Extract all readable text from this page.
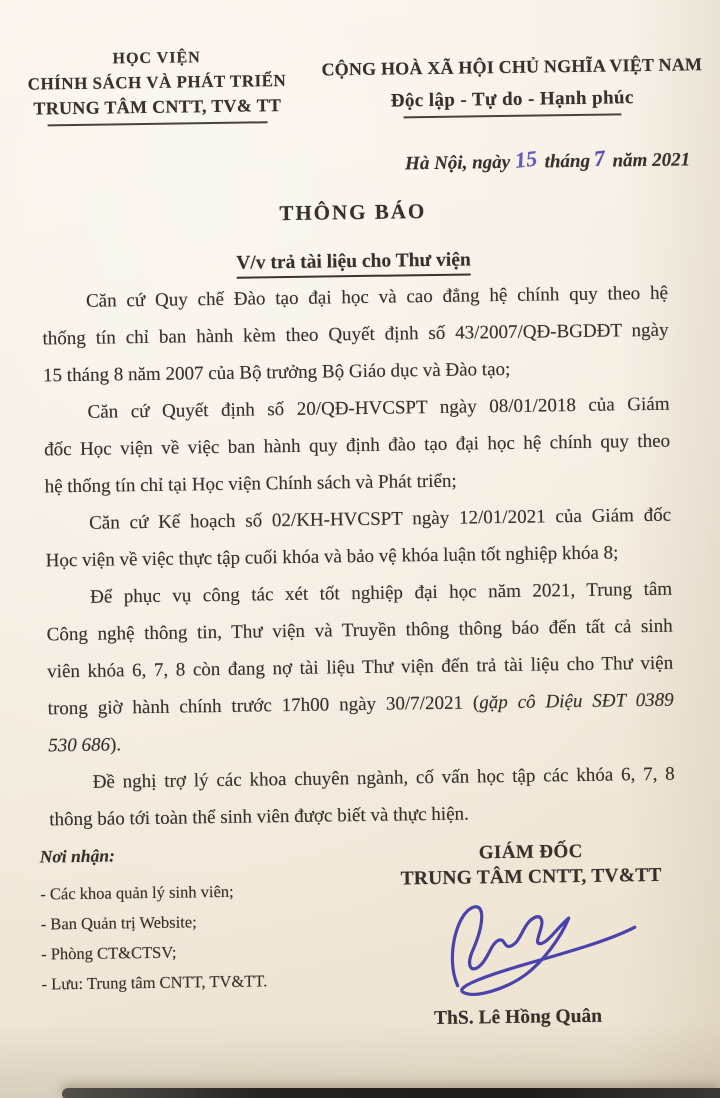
HỌC VIỆN
CHÍNH SÁCH VÀ PHÁT TRIỂN
TRUNG TÂM CNTT, TV& TT
CỘNG HOÀ XÃ HỘI CHỦ NGHĨA VIỆT NAM
Độc lập - Tự do - Hạnh phúc
Hà Nội, ngày 15 tháng 7 năm 2021
THÔNG BÁO

V/v trả tài liệu cho Thư viện
Căn cứ Quy chế Đào tạo đại học và cao đẳng hệ chính quy theo hệ
thống tín chỉ ban hành kèm theo Quyết định số 43/2007/QĐ-BGDĐT ngày
15 tháng 8 năm 2007 của Bộ trưởng Bộ Giáo dục và Đào tạo;
Căn cứ Quyết định số 20/QĐ-HVCSPT ngày 08/01/2018 của Giám
đốc Học viện về việc ban hành quy định đào tạo đại học hệ chính quy theo
hệ thống tín chỉ tại Học viện Chính sách và Phát triển;
Căn cứ Kế hoạch số 02/KH-HVCSPT ngày 12/01/2021 của Giám đốc
Học viện về việc thực tập cuối khóa và bảo vệ khóa luận tốt nghiệp khóa 8;
Để phục vụ công tác xét tốt nghiệp đại học năm 2021, Trung tâm
Công nghệ thông tin, Thư viện và Truyền thông thông báo đến tất cả sinh
viên khóa 6, 7, 8 còn đang nợ tài liệu Thư viện đến trả tài liệu cho Thư viện
trong giờ hành chính trước 17h00 ngày 30/7/2021 (gặp cô Diệu SĐT 0389
530 686).
Đề nghị trợ lý các khoa chuyên ngành, cố vấn học tập các khóa 6, 7, 8
thông báo tới toàn thể sinh viên được biết và thực hiện.
Nơi nhận:
- Các khoa quản lý sinh viên;
- Ban Quản trị Website;
- Phòng CT&CTSV;
- Lưu: Trung tâm CNTT, TV&TT.
GIÁM ĐỐC
TRUNG TÂM CNTT, TV&TT
ThS. Lê Hồng Quân
